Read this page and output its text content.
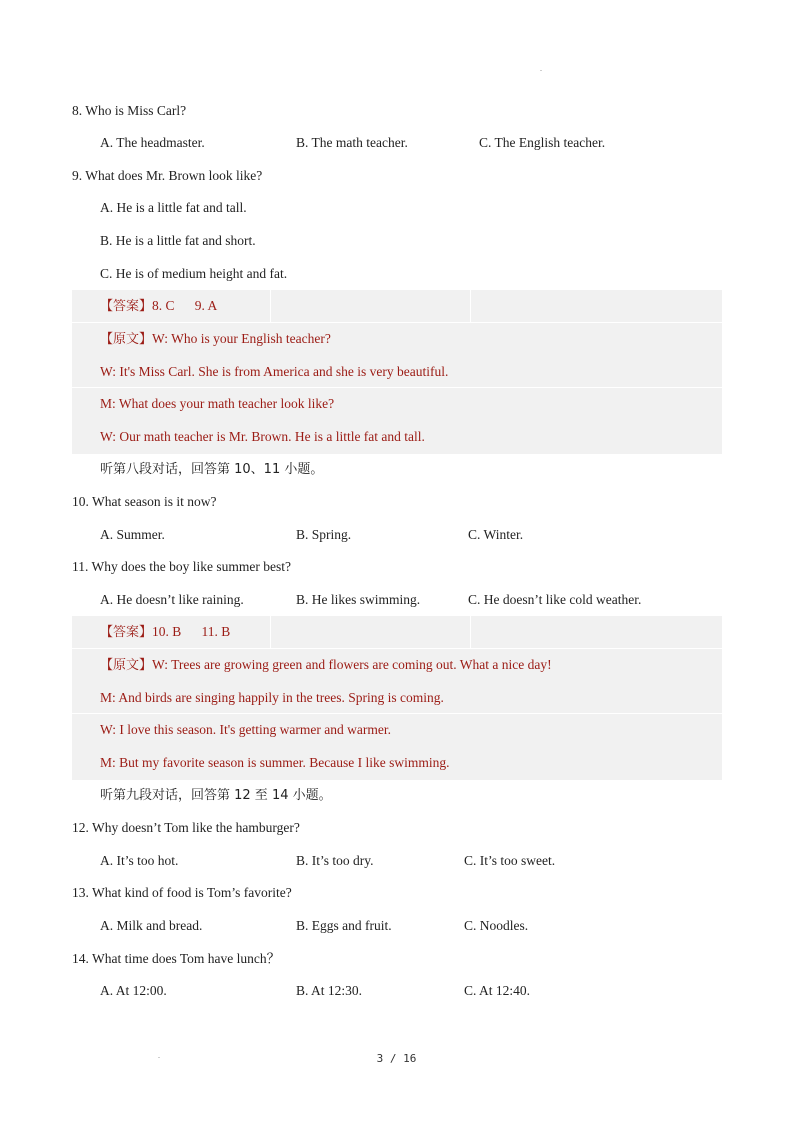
8. Who is Miss Carl?
A. The headmaster.	B. The math teacher.	C. The English teacher.
9. What does Mr. Brown look like?
A. He is a little fat and tall.
B. He is a little fat and short.
C. He is of medium height and fat.
【答案】8. C      9. A
【原文】W: Who is your English teacher?
W: It's Miss Carl. She is from America and she is very beautiful.
M: What does your math teacher look like?
W: Our math teacher is Mr. Brown. He is a little fat and tall.
听第八段对话，回答第 10、11 小题。
10. What season is it now?
A. Summer.	B. Spring.	C. Winter.
11. Why does the boy like summer best?
A. He doesn’t like raining.	B. He likes swimming.	C. He doesn’t like cold weather.
【答案】10. B      11. B
【原文】W: Trees are growing green and flowers are coming out. What a nice day!
M: And birds are singing happily in the trees. Spring is coming.
W: I love this season. It's getting warmer and warmer.
M: But my favorite season is summer. Because I like swimming.
听第九段对话，回答第 12 至 14 小题。
12. Why doesn’t Tom like the hamburger?
A. It’s too hot.	B. It’s too dry.	C. It’s too sweet.
13. What kind of food is Tom’s favorite?
A. Milk and bread.	B. Eggs and fruit.	C. Noodles.
14. What time does Tom have lunch？
A. At 12:00.	B. At 12:30.	C. At 12:40.
3 / 16
